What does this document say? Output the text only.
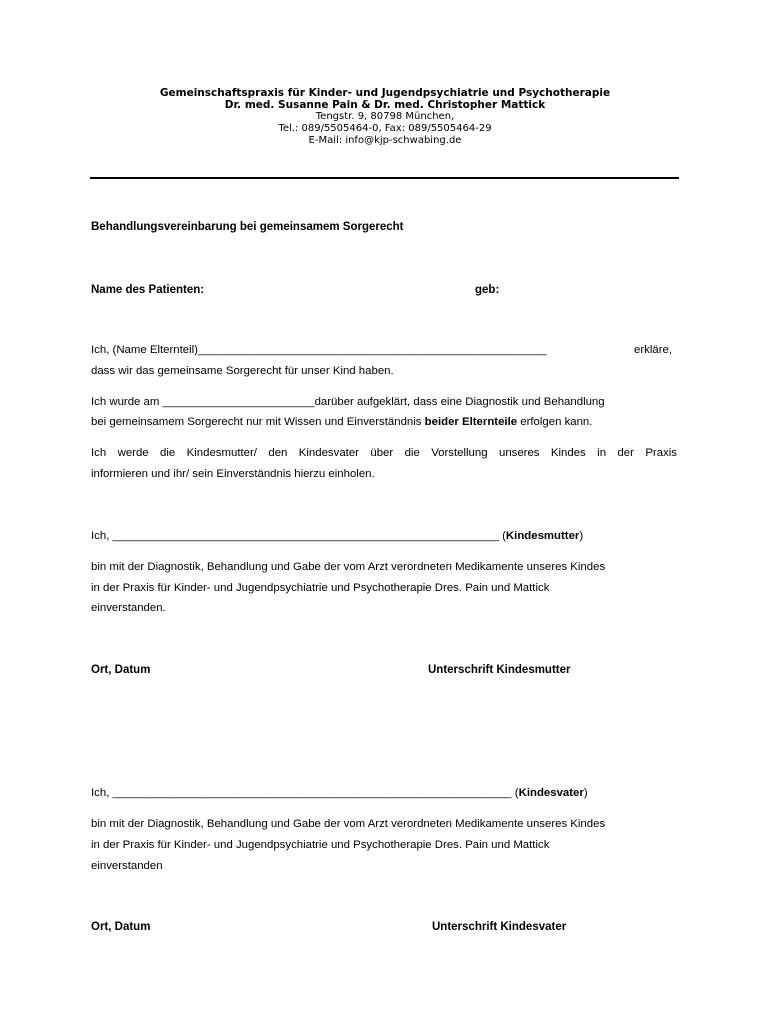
Gemeinschaftspraxis für Kinder- und Jugendpsychiatrie und Psychotherapie
Dr. med. Susanne Pain & Dr. med. Christopher Mattick
Tengstr. 9, 80798 München,
Tel.: 089/5505464-0, Fax: 089/5505464-29
E-Mail: info@kjp-schwabing.de
Behandlungsvereinbarung bei gemeinsamem Sorgerecht
Name des Patienten:	geb:
Ich, (Name Elternteil)_______________________________________________________	erkläre,
dass wir das gemeinsame Sorgerecht für unser Kind haben.
Ich wurde am ________________________darüber aufgeklärt, dass eine Diagnostik und Behandlung
bei gemeinsamem Sorgerecht nur mit Wissen und Einverständnis beider Elternteile erfolgen kann.
Ich werde die Kindesmutter/ den Kindesvater über die Vorstellung unseres Kindes in der Praxis
informieren und ihr/ sein Einverständnis hierzu einholen.
Ich, _____________________________________________________________ (Kindesmutter)
bin mit der Diagnostik, Behandlung und Gabe der vom Arzt verordneten Medikamente unseres Kindes
in der Praxis für Kinder- und Jugendpsychiatrie und Psychotherapie Dres. Pain und Mattick
einverstanden.
Ort, Datum	Unterschrift Kindesmutter
Ich, _______________________________________________________________ (Kindesvater)
bin mit der Diagnostik, Behandlung und Gabe der vom Arzt verordneten Medikamente unseres Kindes
in der Praxis für Kinder- und Jugendpsychiatrie und Psychotherapie Dres. Pain und Mattick
einverstanden
Ort, Datum	Unterschrift Kindesvater
